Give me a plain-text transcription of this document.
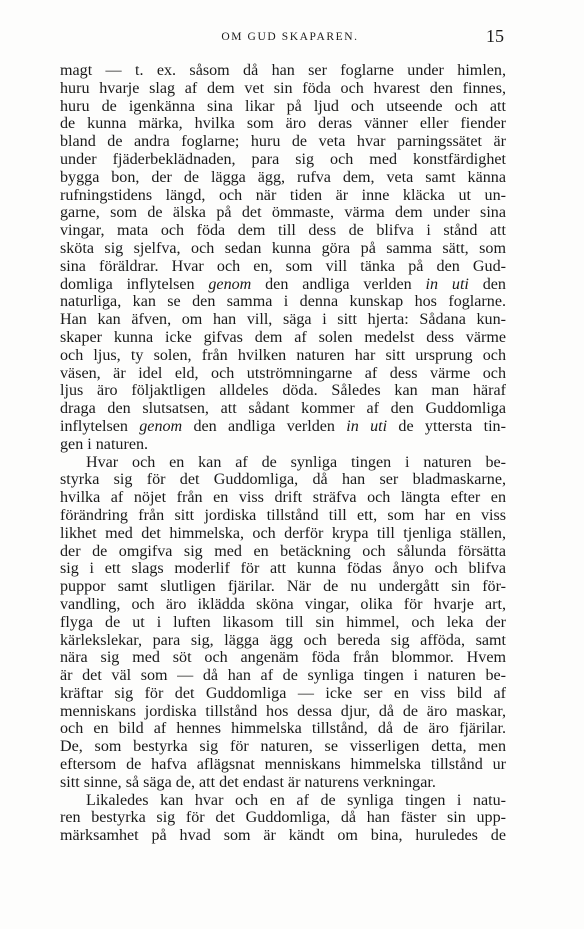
OM GUD SKAPAREN.	15
magt — t. ex. såsom då han ser foglarne under himlen,
huru hvarje slag af dem vet sin föda och hvarest den finnes,
huru de igenkänna sina likar på ljud och utseende och att
de kunna märka, hvilka som äro deras vänner eller fiender
bland de andra foglarne; huru de veta hvar parningssätet är
under fjäderbeklädnaden, para sig och med konstfärdighet
bygga bon, der de lägga ägg, rufva dem, veta samt känna
rufningstidens längd, och när tiden är inne kläcka ut un-
garne, som de älska på det ömmaste, värma dem under sina
vingar, mata och föda dem till dess de blifva i stånd att
sköta sig sjelfva, och sedan kunna göra på samma sätt, som
sina föräldrar. Hvar och en, som vill tänka på den Gud-
domliga inflytelsen genom den andliga verlden in uti den
naturliga, kan se den samma i denna kunskap hos foglarne.
Han kan äfven, om han vill, säga i sitt hjerta: Sådana kun-
skaper kunna icke gifvas dem af solen medelst dess värme
och ljus, ty solen, från hvilken naturen har sitt ursprung och
väsen, är idel eld, och utströmningarne af dess värme och
ljus äro följaktligen alldeles döda. Således kan man häraf
draga den slutsatsen, att sådant kommer af den Guddomliga
inflytelsen genom den andliga verlden in uti de yttersta tin-
gen i naturen.
Hvar och en kan af de synliga tingen i naturen be-
styrka sig för det Guddomliga, då han ser bladmaskarne,
hvilka af nöjet från en viss drift sträfva och längta efter en
förändring från sitt jordiska tillstånd till ett, som har en viss
likhet med det himmelska, och derför krypa till tjenliga ställen,
der de omgifva sig med en betäckning och sålunda försätta
sig i ett slags moderlif för att kunna födas ånyo och blifva
puppor samt slutligen fjärilar. När de nu undergått sin för-
vandling, och äro iklädda sköna vingar, olika för hvarje art,
flyga de ut i luften likasom till sin himmel, och leka der
kärlekslekar, para sig, lägga ägg och bereda sig afföda, samt
nära sig med söt och angenäm föda från blommor. Hvem
är det väl som — då han af de synliga tingen i naturen be-
kräftar sig för det Guddomliga — icke ser en viss bild af
menniskans jordiska tillstånd hos dessa djur, då de äro maskar,
och en bild af hennes himmelska tillstånd, då de äro fjärilar.
De, som bestyrka sig för naturen, se visserligen detta, men
eftersom de hafva aflägsnat menniskans himmelska tillstånd ur
sitt sinne, så säga de, att det endast är naturens verkningar.
Likaledes kan hvar och en af de synliga tingen i natu-
ren bestyrka sig för det Guddomliga, då han fäster sin upp-
märksamhet på hvad som är kändt om bina, huruledes de
